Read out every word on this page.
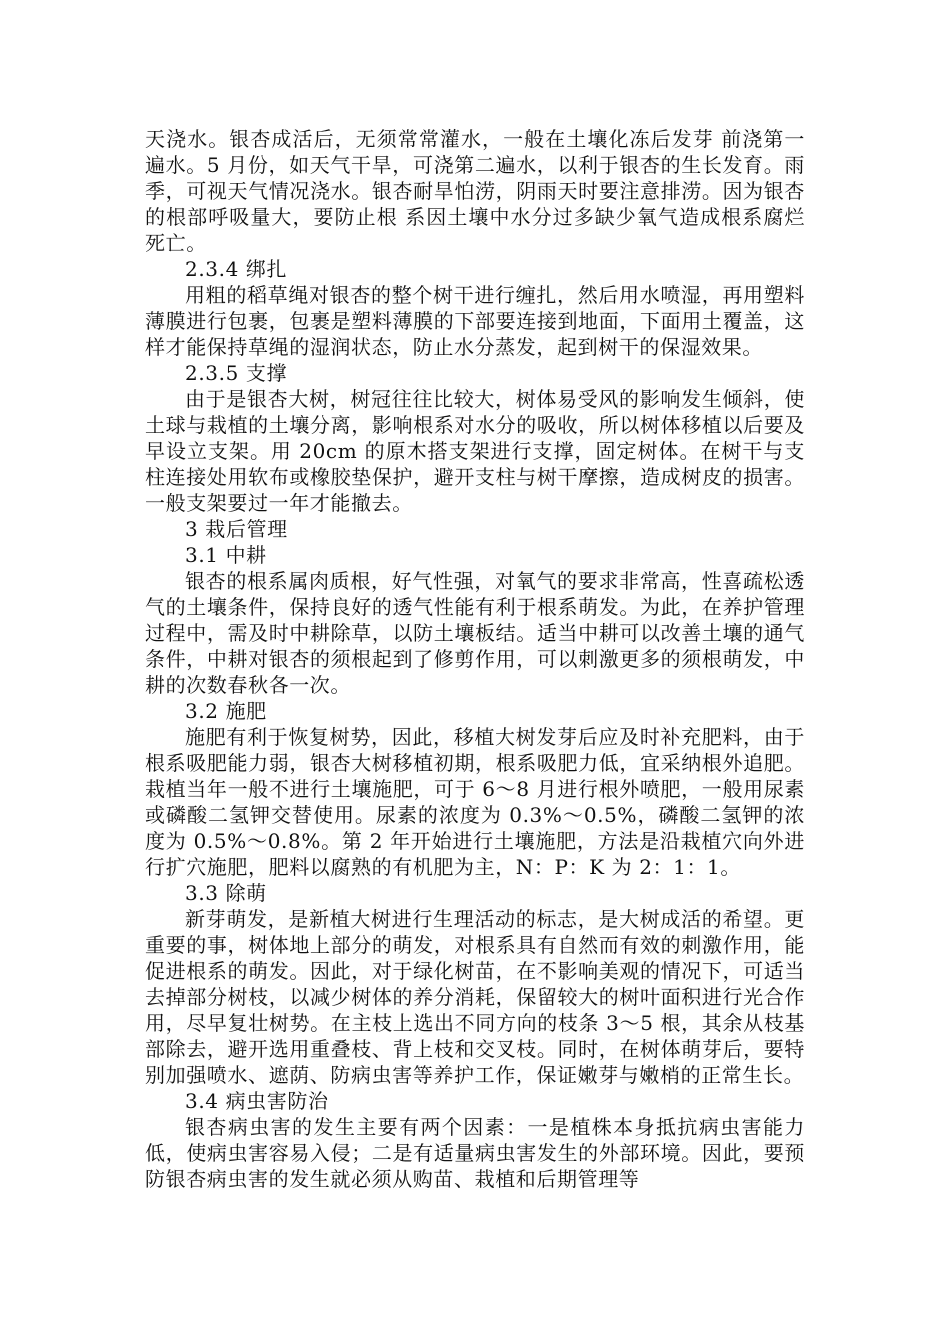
天浇水。银杏成活后，无须常常灌水，一般在土壤化冻后发芽 前浇第一遍水。5 月份，如天气干旱，可浇第二遍水，以利于银杏的生长发育。雨季，可视天气情况浇水。银杏耐旱怕涝，阴雨天时要注意排涝。因为银杏的根部呼吸量大，要防止根 系因土壤中水分过多缺少氧气造成根系腐烂死亡。

2.3.4 绑扎

用粗的稻草绳对银杏的整个树干进行缠扎，然后用水喷湿，再用塑料薄膜进行包裹，包裹是塑料薄膜的下部要连接到地面，下面用土覆盖，这样才能保持草绳的湿润状态，防止水分蒸发，起到树干的保湿效果。

2.3.5 支撑

由于是银杏大树，树冠往往比较大，树体易受风的影响发生倾斜，使土球与栽植的土壤分离，影响根系对水分的吸收，所以树体移植以后要及早设立支架。用 20cm 的原木搭支架进行支撑，固定树体。在树干与支柱连接处用软布或橡胶垫保护，避开支柱与树干摩擦，造成树皮的损害。一般支架要过一年才能撤去。

3 栽后管理

3.1 中耕

银杏的根系属肉质根，好气性强，对氧气的要求非常高，性喜疏松透气的土壤条件，保持良好的透气性能有利于根系萌发。为此，在养护管理过程中，需及时中耕除草，以防土壤板结。适当中耕可以改善土壤的通气条件，中耕对银杏的须根起到了修剪作用，可以刺激更多的须根萌发，中耕的次数春秋各一次。

3.2 施肥

施肥有利于恢复树势，因此，移植大树发芽后应及时补充肥料，由于根系吸肥能力弱，银杏大树移植初期，根系吸肥力低，宜采纳根外追肥。栽植当年一般不进行土壤施肥，可于 6～8 月进行根外喷肥，一般用尿素或磷酸二氢钾交替使用。尿素的浓度为 0.3%～0.5%，磷酸二氢钾的浓度为 0.5%～0.8%。第 2 年开始进行土壤施肥，方法是沿栽植穴向外进行扩穴施肥，肥料以腐熟的有机肥为主，N：P：K 为 2：1：1。

3.3 除萌

新芽萌发，是新植大树进行生理活动的标志，是大树成活的希望。更重要的事，树体地上部分的萌发，对根系具有自然而有效的刺激作用，能促进根系的萌发。因此，对于绿化树苗，在不影响美观的情况下，可适当去掉部分树枝，以减少树体的养分消耗，保留较大的树叶面积进行光合作用，尽早复壮树势。在主枝上选出不同方向的枝条 3～5 根，其余从枝基部除去，避开选用重叠枝、背上枝和交叉枝。同时，在树体萌芽后，要特别加强喷水、遮荫、防病虫害等养护工作，保证嫩芽与嫩梢的正常生长。

3.4 病虫害防治

银杏病虫害的发生主要有两个因素：一是植株本身抵抗病虫害能力低，使病虫害容易入侵；二是有适量病虫害发生的外部环境。因此，要预防银杏病虫害的发生就必须从购苗、栽植和后期管理等
